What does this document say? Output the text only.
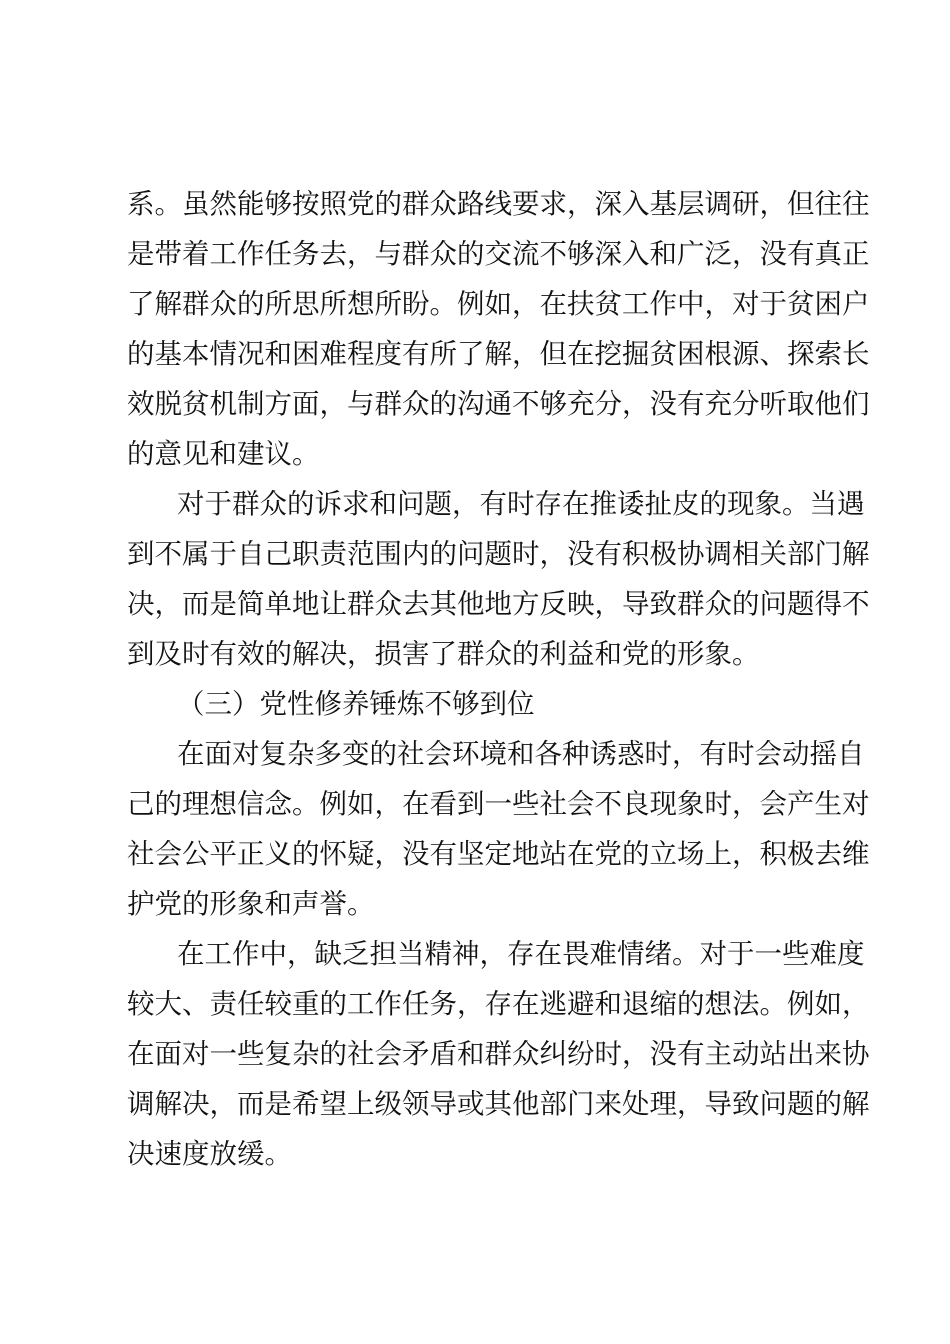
系。虽然能够按照党的群众路线要求，深入基层调研，但往往
是带着工作任务去，与群众的交流不够深入和广泛，没有真正
了解群众的所思所想所盼。例如，在扶贫工作中，对于贫困户
的基本情况和困难程度有所了解，但在挖掘贫困根源、探索长
效脱贫机制方面，与群众的沟通不够充分，没有充分听取他们
的意见和建议。
对于群众的诉求和问题，有时存在推诿扯皮的现象。当遇
到不属于自己职责范围内的问题时，没有积极协调相关部门解
决，而是简单地让群众去其他地方反映，导致群众的问题得不
到及时有效的解决，损害了群众的利益和党的形象。
（三）党性修养锤炼不够到位
在面对复杂多变的社会环境和各种诱惑时，有时会动摇自
己的理想信念。例如，在看到一些社会不良现象时，会产生对
社会公平正义的怀疑，没有坚定地站在党的立场上，积极去维
护党的形象和声誉。
在工作中，缺乏担当精神，存在畏难情绪。对于一些难度
较大、责任较重的工作任务，存在逃避和退缩的想法。例如，
在面对一些复杂的社会矛盾和群众纠纷时，没有主动站出来协
调解决，而是希望上级领导或其他部门来处理，导致问题的解
决速度放缓。
